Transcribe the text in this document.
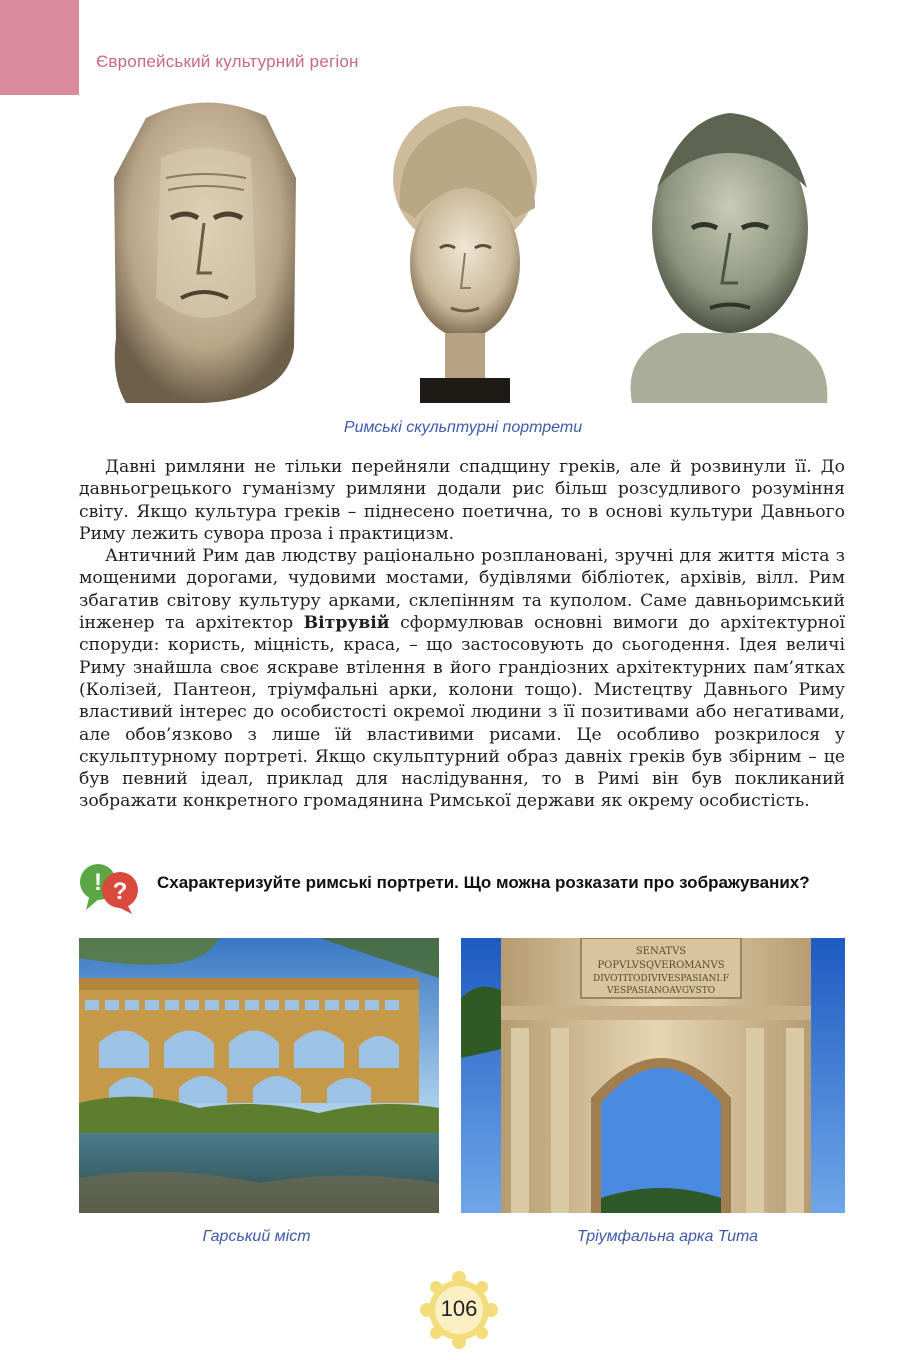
Європейський культурний регіон
Римські скульптурні портрети

Давні римляни не тільки перейняли спадщину греків, але й розвинули її. До давньогрецького гуманізму римляни додали рис більш розсудливого розуміння світу. Якщо культура греків – піднесено поетична, то в основі культури Давнього Риму лежить сувора проза і практицизм.

Античний Рим дав людству раціонально розплановані, зручні для життя міста з мощеними дорогами, чудовими мостами, будівлями бібліотек, архівів, вілл. Рим збагатив світову культуру арками, склепінням та куполом. Саме давньоримський інженер та архітектор Вітрувій сформулював основні вимоги до архітектурної споруди: користь, міцність, краса, – що застосовують до сьогодення. Ідея величі Риму знайшла своє яскраве втілення в його грандіозних архітектурних пам’ятках (Колізей, Пантеон, тріумфальні арки, колони тощо). Мистецтву Давнього Риму властивий інтерес до особистості окремої людини з її позитивами або негативами, але обов’язково з лише їй властивими рисами. Це особливо розкрилося у скульптурному портреті. Якщо скульптурний образ давніх греків був збірним – це був певний ідеал, приклад для наслідування, то в Римі він був покликаний зображати конкретного громадянина Римської держави як окрему особистість.

! ? Схарактеризуйте римські портрети. Що можна розказати про зображуваних?
Гарський міст
SENATVS
POPVLVSQVEROMANVS
DIVOTITODIVIVESPASIANI.F
VESPASIANOAVGVSTO
Тріумфальна арка Тита
106
